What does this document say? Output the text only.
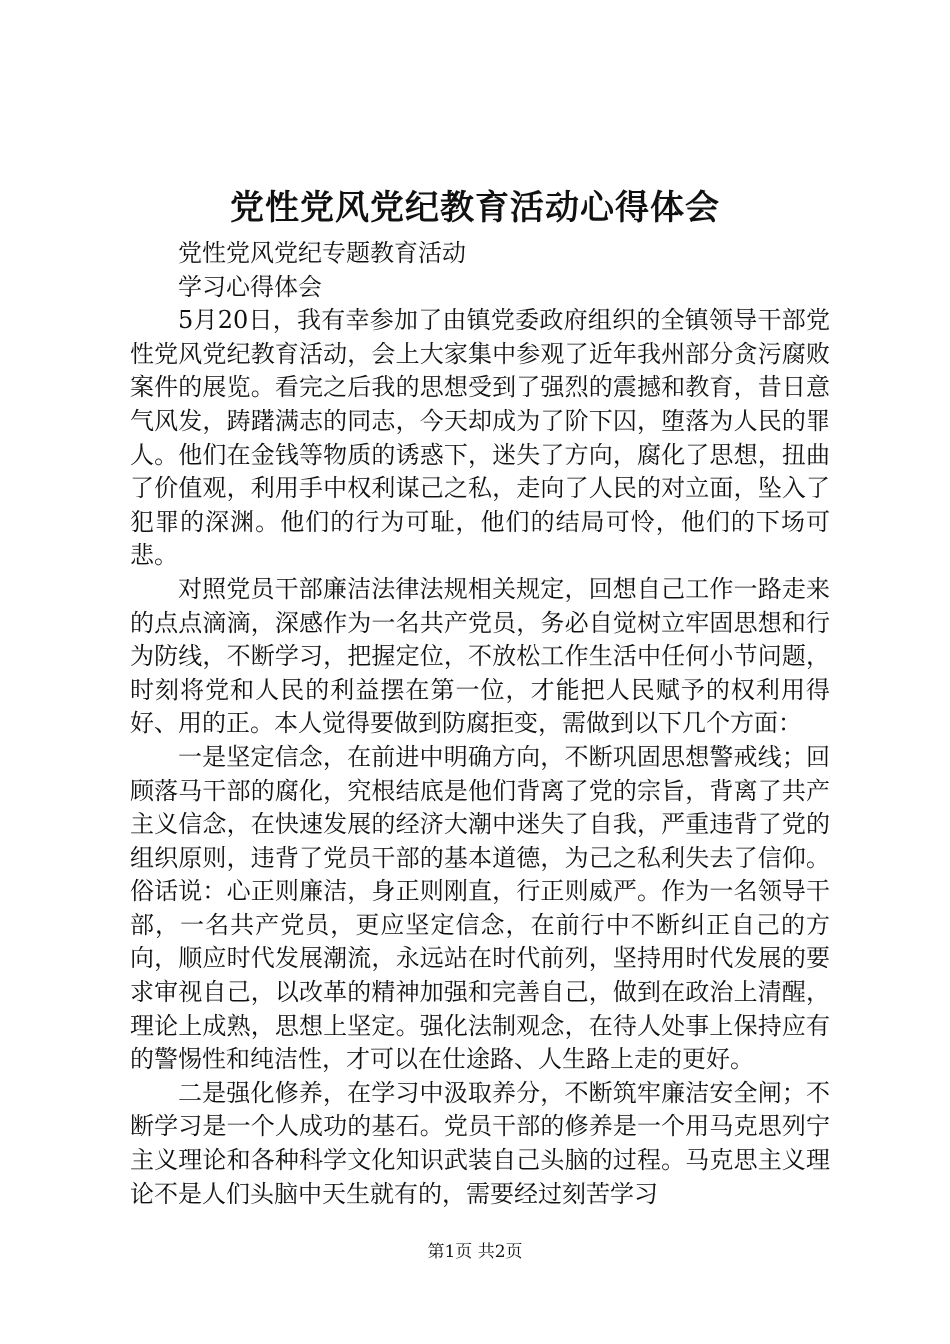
党性党风党纪教育活动心得体会

党性党风党纪专题教育活动

学习心得体会

5月20日，我有幸参加了由镇党委政府组织的全镇领导干部党性党风党纪教育活动，会上大家集中参观了近年我州部分贪污腐败案件的展览。看完之后我的思想受到了强烈的震撼和教育，昔日意气风发，踌躇满志的同志，今天却成为了阶下囚，堕落为人民的罪人。他们在金钱等物质的诱惑下，迷失了方向，腐化了思想，扭曲了价值观，利用手中权利谋己之私，走向了人民的对立面，坠入了犯罪的深渊。他们的行为可耻，他们的结局可怜，他们的下场可悲。

对照党员干部廉洁法律法规相关规定，回想自己工作一路走来的点点滴滴，深感作为一名共产党员，务必自觉树立牢固思想和行为防线，不断学习，把握定位，不放松工作生活中任何小节问题，时刻将党和人民的利益摆在第一位，才能把人民赋予的权利用得好、用的正。本人觉得要做到防腐拒变，需做到以下几个方面：

一是坚定信念，在前进中明确方向，不断巩固思想警戒线；回顾落马干部的腐化，究根结底是他们背离了党的宗旨，背离了共产主义信念，在快速发展的经济大潮中迷失了自我，严重违背了党的组织原则，违背了党员干部的基本道德，为己之私利失去了信仰。俗话说：心正则廉洁，身正则刚直，行正则威严。作为一名领导干部，一名共产党员，更应坚定信念，在前行中不断纠正自己的方向，顺应时代发展潮流，永远站在时代前列，坚持用时代发展的要求审视自己，以改革的精神加强和完善自己，做到在政治上清醒，理论上成熟，思想上坚定。强化法制观念，在待人处事上保持应有的警惕性和纯洁性，才可以在仕途路、人生路上走的更好。

二是强化修养，在学习中汲取养分，不断筑牢廉洁安全闸；不断学习是一个人成功的基石。党员干部的修养是一个用马克思列宁主义理论和各种科学文化知识武装自己头脑的过程。马克思主义理论不是人们头脑中天生就有的，需要经过刻苦学习

第1页 共2页
